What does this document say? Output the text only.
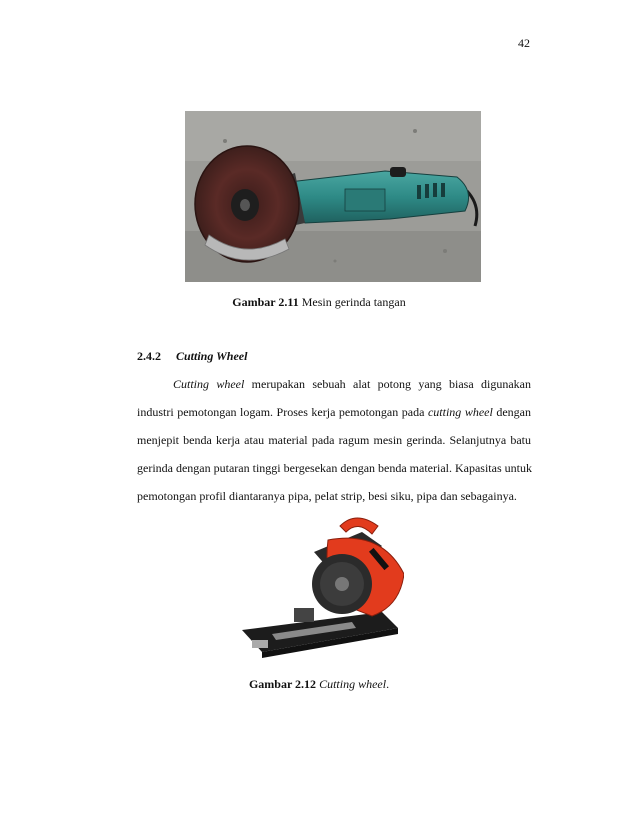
42
Gambar 2.11 Mesin gerinda tangan
2.4.2 Cutting Wheel
Cutting wheel merupakan sebuah alat potong yang biasa digunakan
industri pemotongan logam. Proses kerja pemotongan pada cutting wheel dengan
menjepit benda kerja atau material pada ragum mesin gerinda. Selanjutnya batu
gerinda dengan putaran tinggi bergesekan dengan benda material. Kapasitas untuk
pemotongan profil diantaranya pipa, pelat strip, besi siku, pipa dan sebagainya.
Gambar 2.12 Cutting wheel.
